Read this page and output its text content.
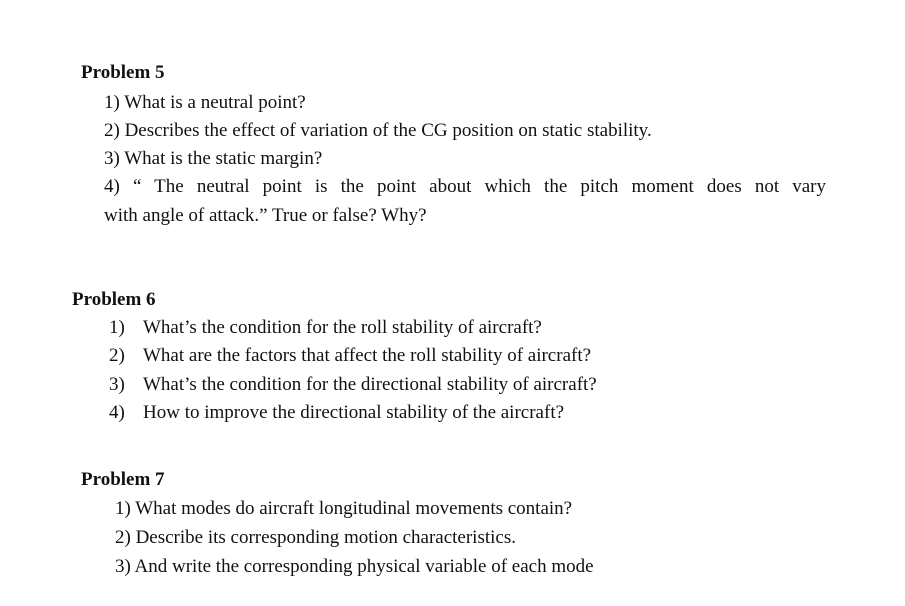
Problem 5
1) What is a neutral point?
2) Describes the effect of variation of the CG position on static stability.
3) What is the static margin?
4) “ The neutral point is the point about which the pitch moment does not vary
with angle of attack.” True or false? Why?
Problem 6
1) What’s the condition for the roll stability of aircraft?
2) What are the factors that affect the roll stability of aircraft?
3) What’s the condition for the directional stability of aircraft?
4) How to improve the directional stability of the aircraft?
Problem 7
1) What modes do aircraft longitudinal movements contain?
2) Describe its corresponding motion characteristics.
3) And write the corresponding physical variable of each mode
